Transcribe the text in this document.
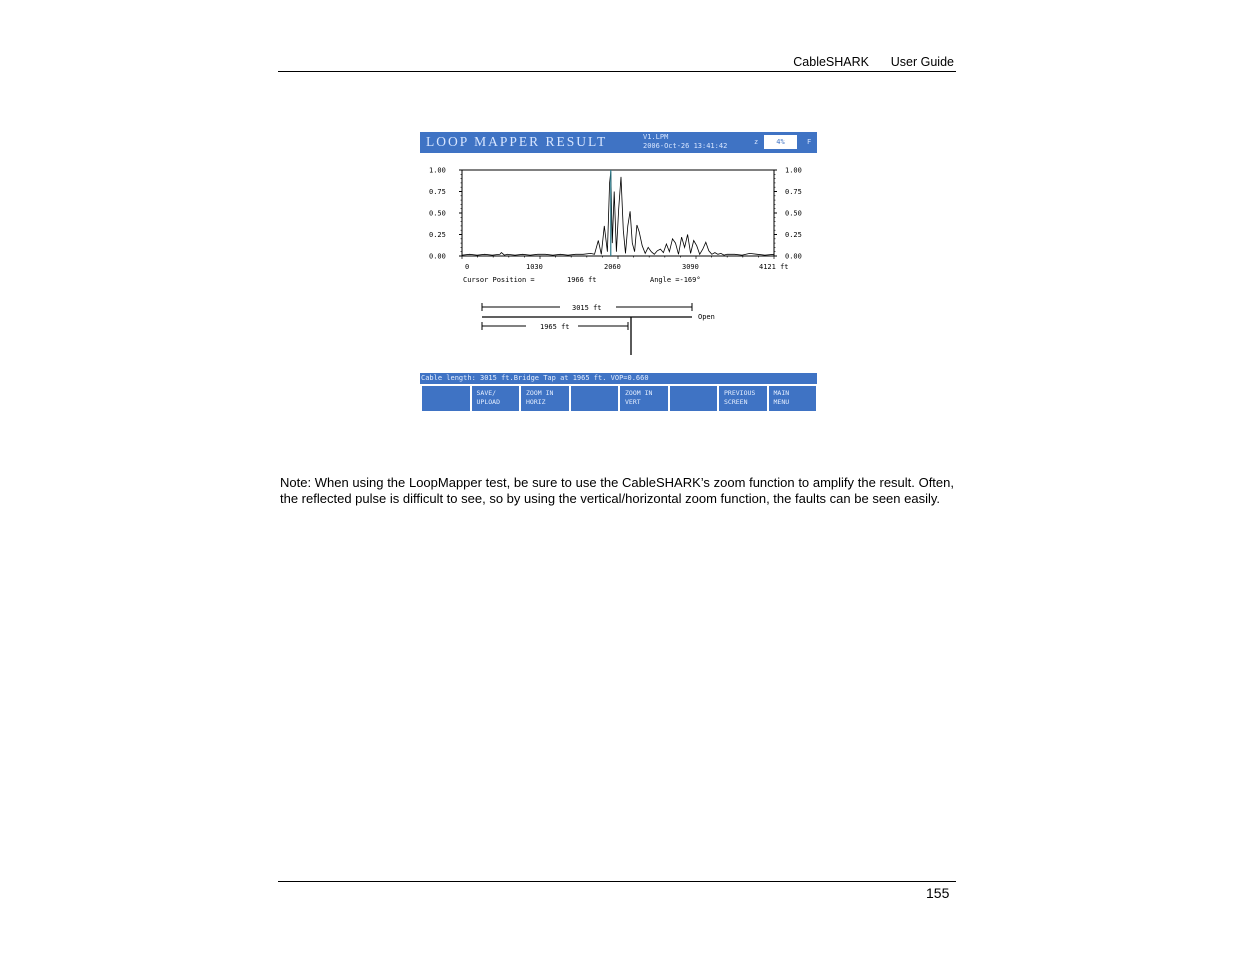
CableSHARK User Guide
LOOP MAPPER RESULT	V1.LPM
2006-Oct-26 13:41:42	z	4%	F
1.00
0.75
0.50
0.25
0.00
1.00
0.75
0.50
0.25
0.00
0	1030	2060	3090	4121 ft
Cursor Position =	1966 ft	Angle =-169°
3015 ft
Open
1965 ft
Cable length: 3015 ft.Bridge Tap at 1965 ft. VOP=0.660
SAVE/
UPLOAD
ZOOM IN
HORIZ
ZOOM IN
VERT
PREVIOUS
SCREEN
MAIN
MENU

Note: When using the LoopMapper test, be sure to use the CableSHARK’s zoom function to amplify the result. Often, the reflected pulse is difficult to see, so by using the vertical/horizontal zoom function, the faults can be seen easily.

155
